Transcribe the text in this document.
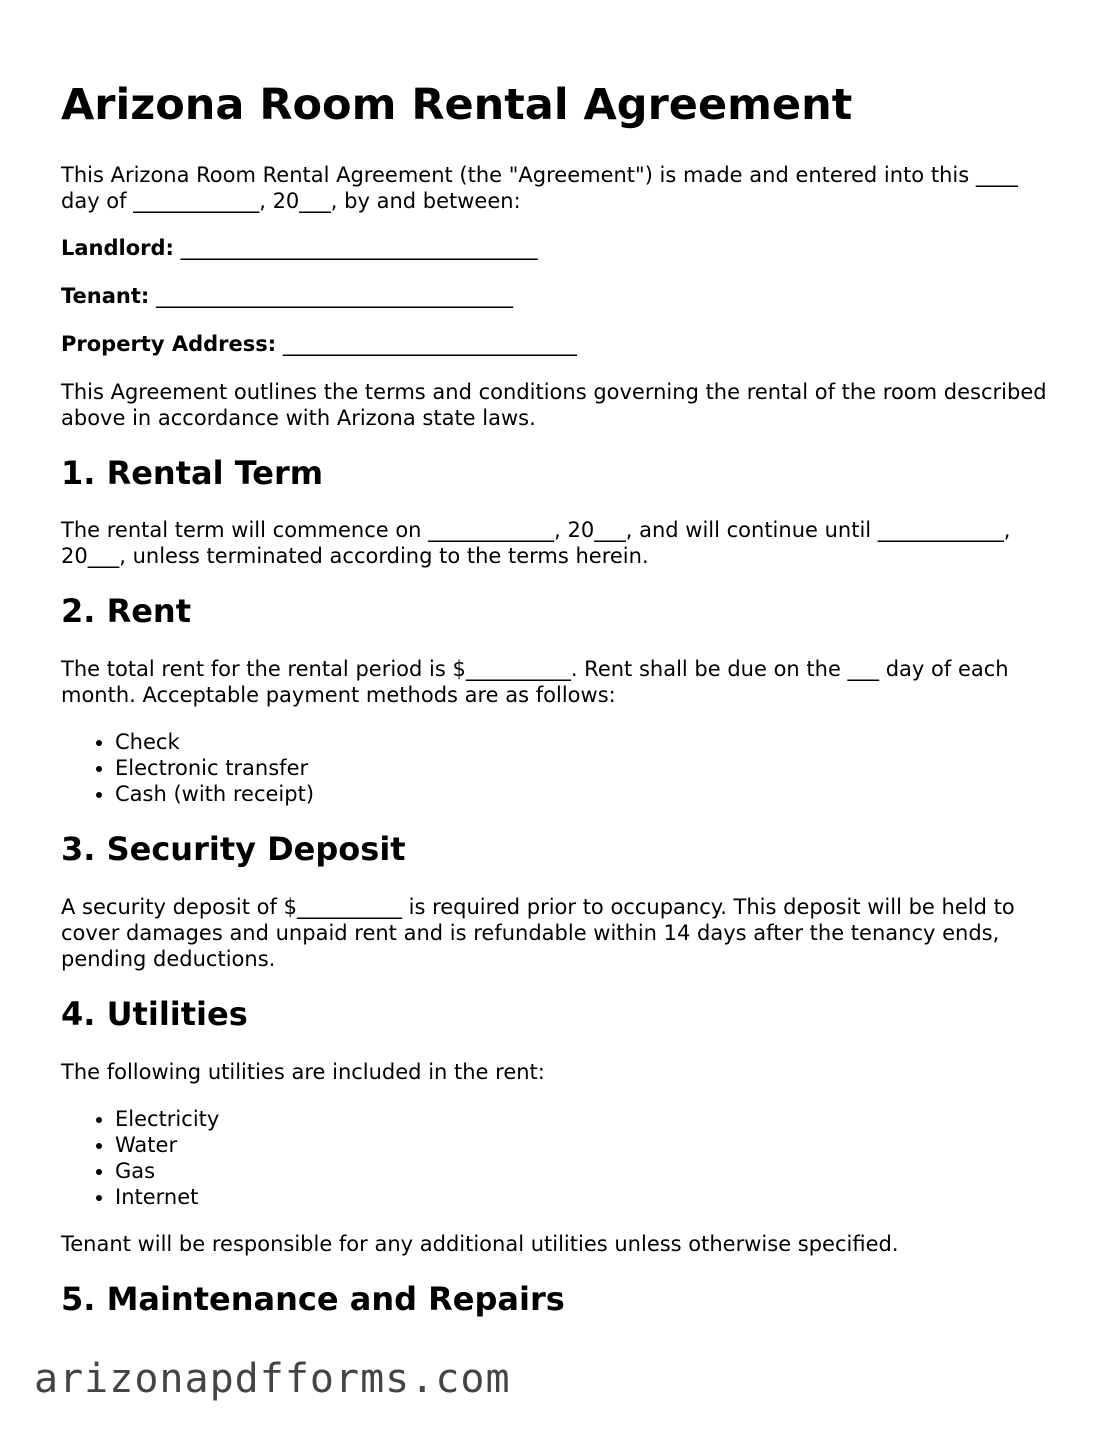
Arizona Room Rental Agreement

This Arizona Room Rental Agreement (the "Agreement") is made and entered into this ____ day of ____________, 20___, by and between:

Landlord: __________________________________
Tenant: __________________________________
Property Address: ____________________________

This Agreement outlines the terms and conditions governing the rental of the room described above in accordance with Arizona state laws.

1. Rental Term

The rental term will commence on ____________, 20___, and will continue until ____________, 20___, unless terminated according to the terms herein.

2. Rent

The total rent for the rental period is $__________. Rent shall be due on the ___ day of each month. Acceptable payment methods are as follows:

• Check
• Electronic transfer
• Cash (with receipt)
3. Security Deposit

A security deposit of $__________ is required prior to occupancy. This deposit will be held to cover damages and unpaid rent and is refundable within 14 days after the tenancy ends, pending deductions.

4. Utilities

The following utilities are included in the rent:

• Electricity
• Water
• Gas
• Internet

Tenant will be responsible for any additional utilities unless otherwise specified.

5. Maintenance and Repairs
arizonapdfforms.com
